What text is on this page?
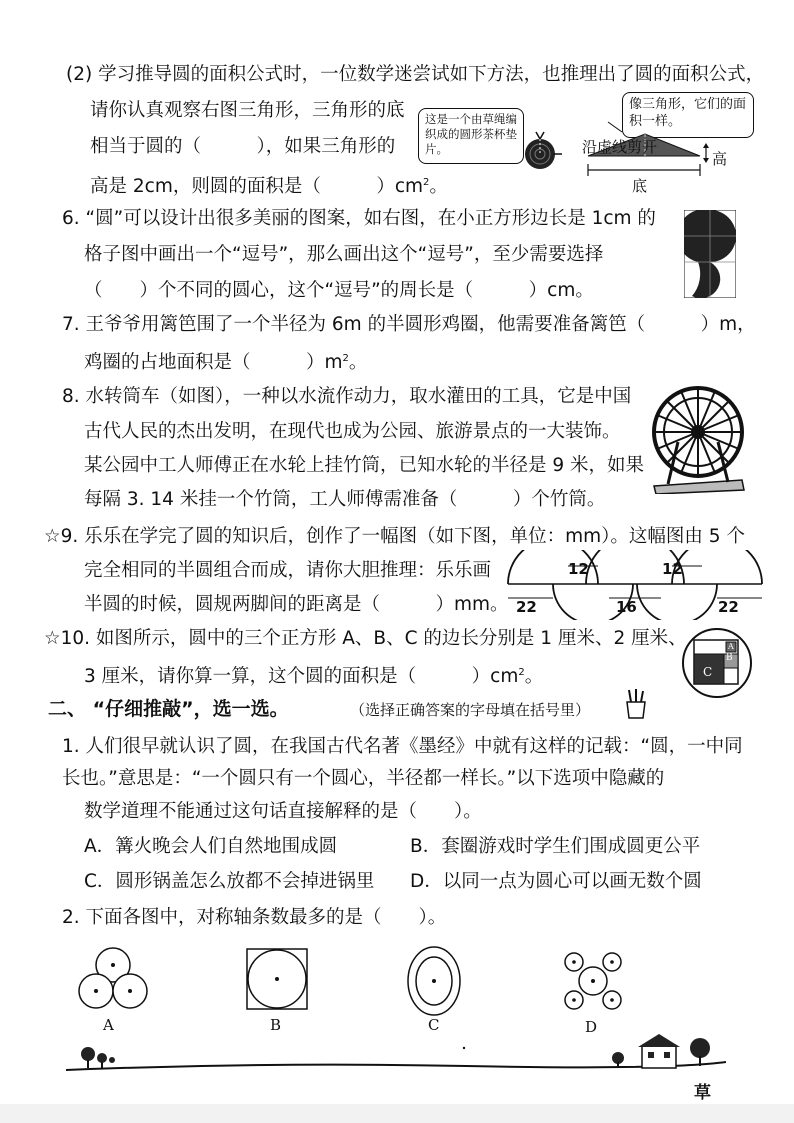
(2) 学习推导圆的面积公式时，一位数学迷尝试如下方法，也推理出了圆的面积公式，
请你认真观察右图三角形，三角形的底
相当于圆的（　　　），如果三角形的
高是 2cm，则圆的面积是（　　　）$cm^2$。
这是一个由草绳编织成的圆形茶杯垫片。
像三角形，它们的面积一样。
沿虚线剪开
底
高
6. “圆”可以设计出很多美丽的图案，如右图，在小正方形边长是 1cm 的
格子图中画出一个“逗号”，那么画出这个“逗号”，至少需要选择
（　　）个不同的圆心，这个“逗号”的周长是（　　　）cm。
7. 王爷爷用篱笆围了一个半径为 6m 的半圆形鸡圈，他需要准备篱笆（　　　）m，
鸡圈的占地面积是（　　　）$m^2$。
8. 水转筒车（如图），一种以水流作动力，取水灌田的工具，它是中国
古代人民的杰出发明，在现代也成为公园、旅游景点的一大装饰。
某公园中工人师傅正在水轮上挂竹筒，已知水轮的半径是 9 米，如果
每隔 3. 14 米挂一个竹筒，工人师傅需准备（　　　）个竹筒。
☆9. 乐乐在学完了圆的知识后，创作了一幅图（如下图，单位：mm）。这幅图由 5 个
完全相同的半圆组合而成，请你大胆推理：乐乐画
半圆的时候，圆规两脚间的距离是（　　　）mm。
12	12
22	16	22
☆10. 如图所示，圆中的三个正方形 A、B、C 的边长分别是 1 厘米、2 厘米、
3 厘米，请你算一算，这个圆的面积是（　　　）$cm^2$。	C
B
A
二、 “仔细推敲”，选一选。	（选择正确答案的字母填在括号里）
1. 人们很早就认识了圆，在我国古代名著《墨经》中就有这样的记载：“圆，一中同
长也。”意思是：“一个圆只有一个圆心，半径都一样长。”以下选项中隐藏的
数学道理不能通过这句话直接解释的是（　　）。
A．篝火晚会人们自然地围成圆	B．套圈游戏时学生们围成圆更公平
C．圆形锅盖怎么放都不会掉进锅里 D．以同一点为圆心可以画无数个圆
2. 下面各图中，对称轴条数最多的是（　　）。
A	B	C	D
草
